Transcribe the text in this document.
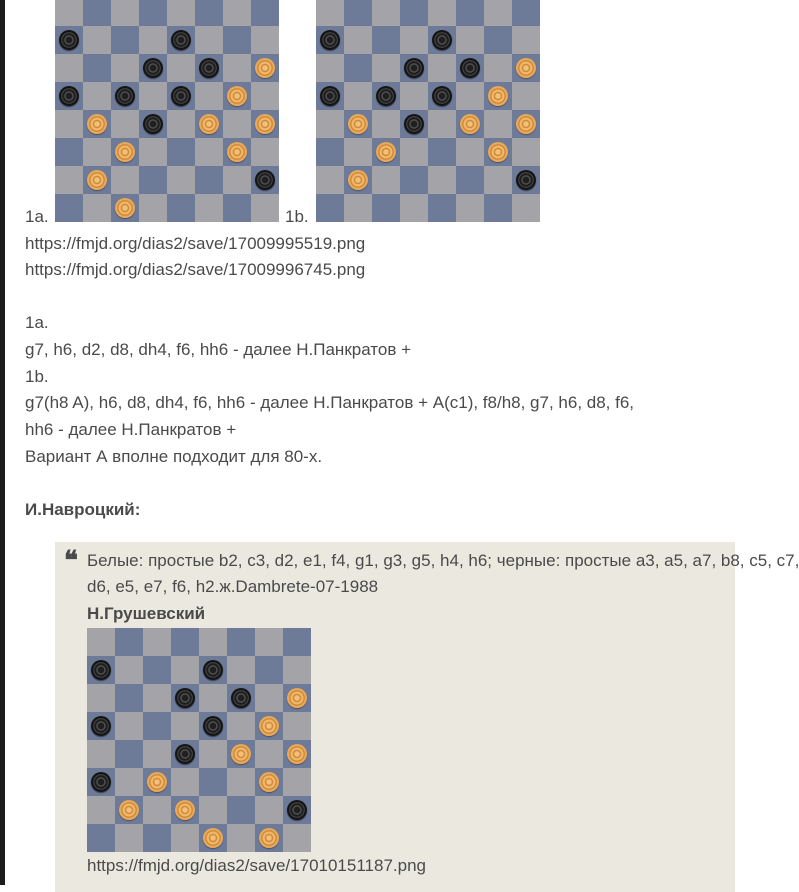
1a.	1b.
https://fmjd.org/dias2/save/17009995519.png
https://fmjd.org/dias2/save/17009996745.png
1a.
g7, h6, d2, d8, dh4, f6, hh6 - далее Н.Панкратов +
1b.
g7(h8 A), h6, d8, dh4, f6, hh6 - далее Н.Панкратов + A(c1), f8/h8, g7, h6, d8, f6,
hh6 - далее Н.Панкратов +
Вариант А вполне подходит для 80-х.
И.Навроцкий:
❝ Белые: простые b2, c3, d2, e1, f4, g1, g3, g5, h4, h6; черные: простые a3, a5, a7, b8, c5, c7,
d6, e5, e7, f6, h2.ж.Dambrete-07-1988
Н.Грушевский
https://fmjd.org/dias2/save/17010151187.png
